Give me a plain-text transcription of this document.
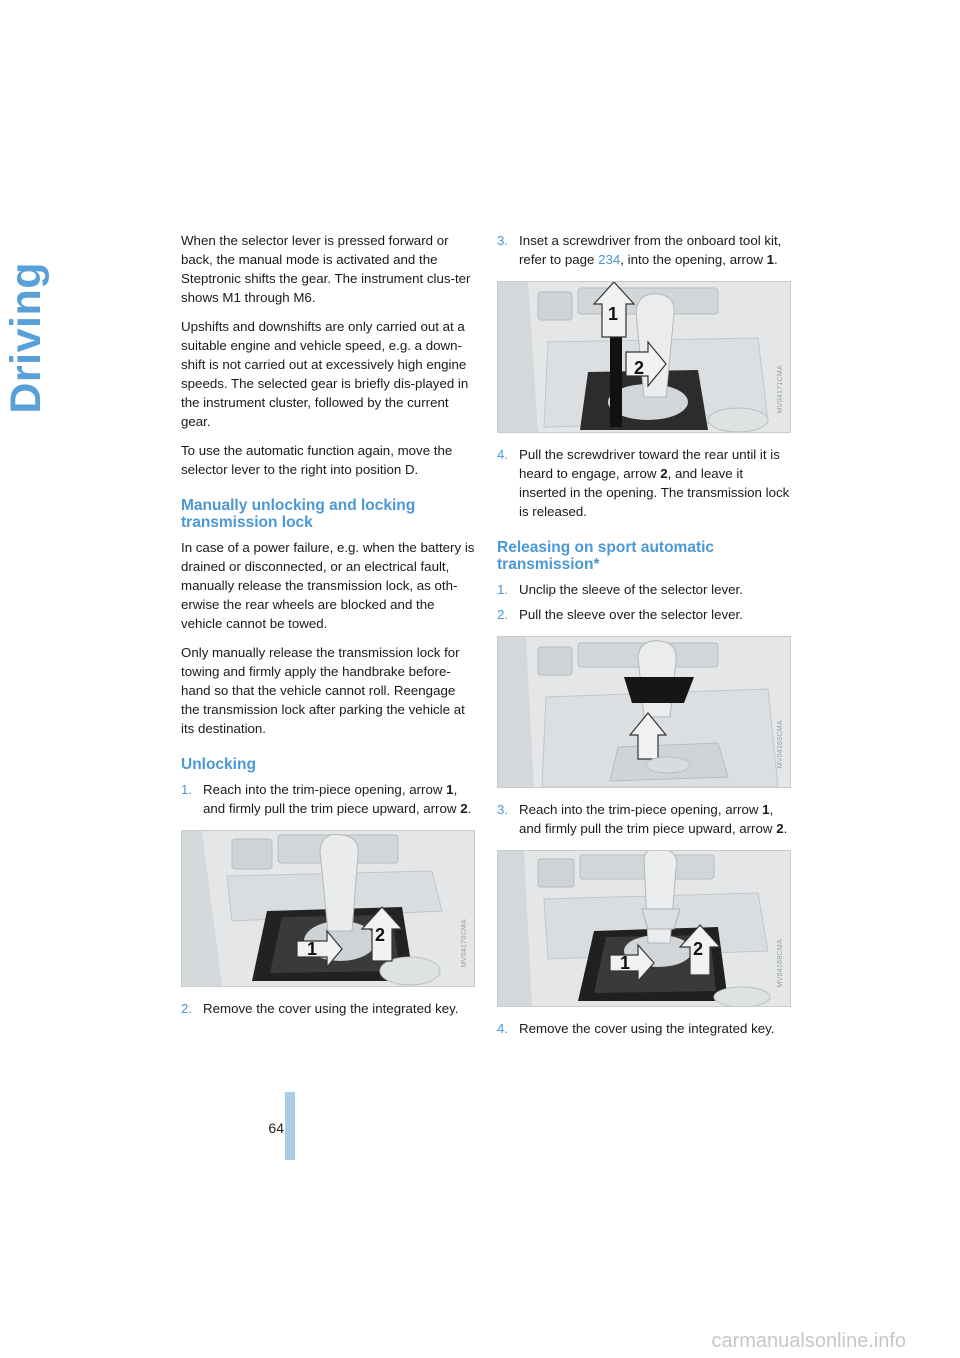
Driving

When the selector lever is pressed forward or back, the manual mode is activated and the Steptronic shifts the gear. The instrument clus-ter shows M1 through M6.

Upshifts and downshifts are only carried out at a suitable engine and vehicle speed, e.g. a down-shift is not carried out at excessively high engine speeds. The selected gear is briefly dis-played in the instrument cluster, followed by the current gear.

To use the automatic function again, move the selector lever to the right into position D.

Manually unlocking and locking transmission lock

In case of a power failure, e.g. when the battery is drained or disconnected, or an electrical fault, manually release the transmission lock, as oth-erwise the rear wheels are blocked and the vehicle cannot be towed.

Only manually release the transmission lock for towing and firmly apply the handbrake before-hand so that the vehicle cannot roll. Reengage the transmission lock after parking the vehicle at its destination.

Unlocking
1. Reach into the trim-piece opening, arrow 1, and firmly pull the trim piece upward, arrow 2.
1
2	MV04170CMA
2. Remove the cover using the integrated key.
3. Inset a screwdriver from the onboard tool kit, refer to page 234, into the opening, arrow 1.
1
2	MV04171CMA
4. Pull the screwdriver toward the rear until it is heard to engage, arrow 2, and leave it inserted in the opening. The transmission lock is released.
Releasing on sport automatic transmission*
1. Unclip the sleeve of the selector lever.
2. Pull the sleeve over the selector lever.
MV04169CMA
3. Reach into the trim-piece opening, arrow 1, and firmly pull the trim piece upward, arrow 2.
1
2	MV04168CMA
4. Remove the cover using the integrated key.
64
carmanualsonline.info
